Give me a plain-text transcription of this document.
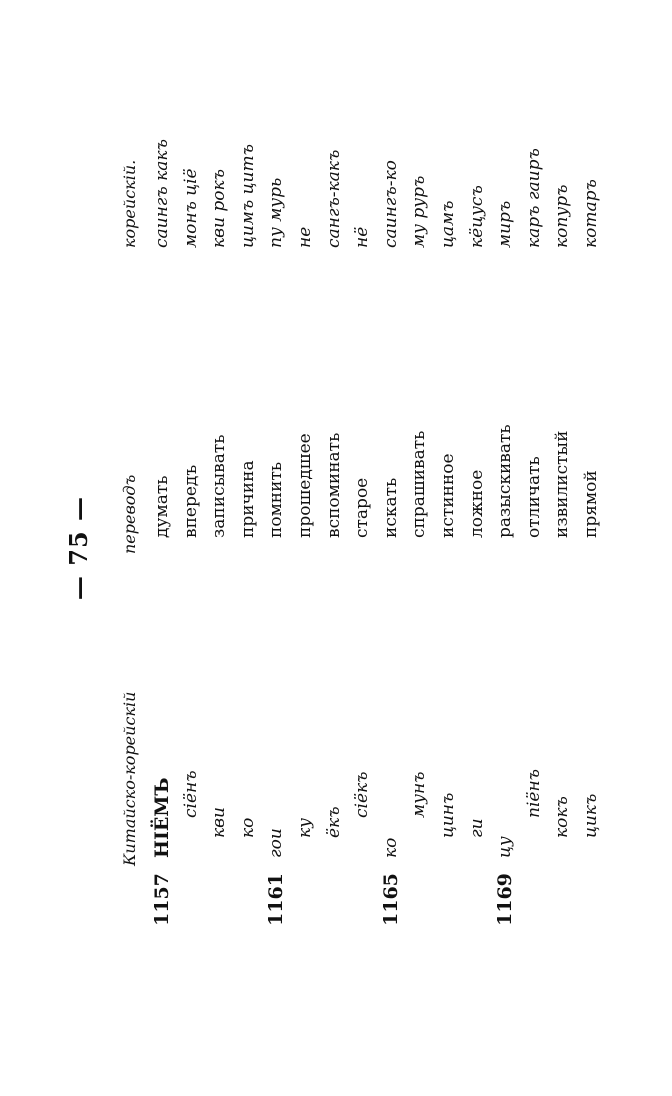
— 75 —
Китайско-корейскій
переводъ
корейскій.
1157
НІЁМЪ
думать
саингъ какъ
сіёнъ
впередъ
монъ ціё
кви
записывать
кви рокъ
ко
причина
цимъ цитъ
1161
гои
помнить
пу мурь
ку
прошедшее
не
ёкъ
вспоминать
сангъ-какъ
сіёкъ
старое
нё
1165
ко
искать
саингъ-ко
мунъ
спрашивать
му руръ
цинъ
истинное
цамъ
ги
ложное
кёцусъ
1169
цу
разыскивать
миръ
піёнъ
отличать
каръ гаиръ
кокъ
извилистый
копуръ
цикъ
прямой
котаръ
